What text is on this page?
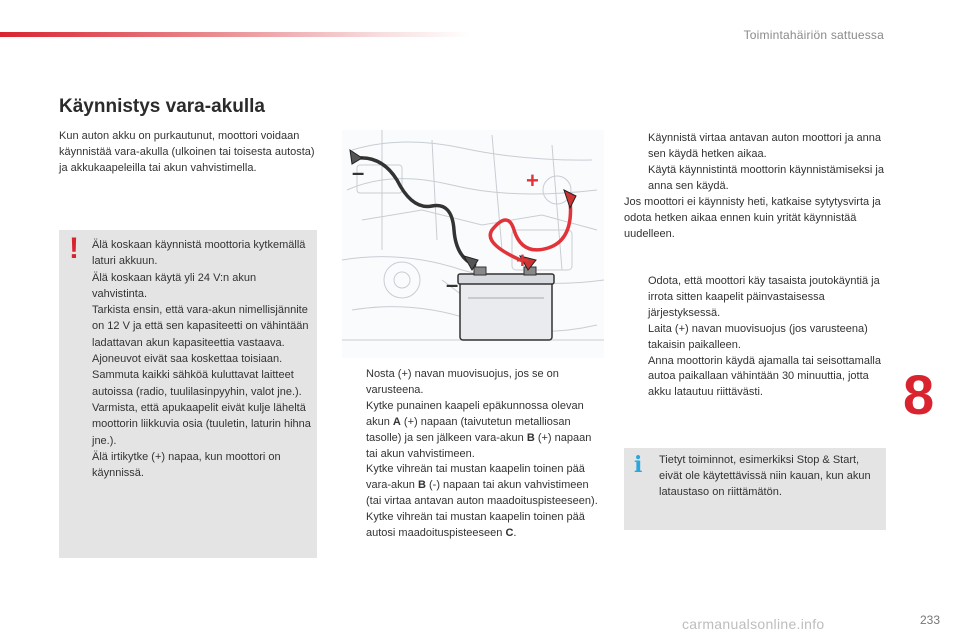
Toimintahäiriön sattuessa
Käynnistys vara-akulla
Kun auton akku on purkautunut, moottori voidaan käynnistää vara-akulla (ulkoinen tai toisesta autosta) ja akkukaapeleilla tai akun vahvistimella.
! Älä koskaan käynnistä moottoria kytkemällä laturi akkuun.

Älä koskaan käytä yli 24 V:n akun vahvistinta.

Tarkista ensin, että vara-akun nimellisjännite on 12 V ja että sen kapasiteetti on vähintään ladattavan akun kapasiteettia vastaava.

Ajoneuvot eivät saa koskettaa toisiaan.

Sammuta kaikki sähköä kuluttavat laitteet autoissa (radio, tuulilasinpyyhin, valot jne.).

Varmista, että apukaapelit eivät kulje läheltä moottorin liikkuvia osia (tuuletin, laturin hihna jne.).

Älä irtikytke (+) napaa, kun moottori on käynnissä.

+
–
+
–
Nosta (+) navan muovisuojus, jos se on varusteena.
Kytke punainen kaapeli epäkunnossa olevan akun A (+) napaan (taivutetun metalliosan tasolle) ja sen jälkeen vara-akun B (+) napaan tai akun vahvistimeen.
Kytke vihreän tai mustan kaapelin toinen pää vara-akun B (-) napaan tai akun vahvistimeen (tai virtaa antavan auton maadoituspisteeseen).
Kytke vihreän tai mustan kaapelin toinen pää autosi maadoituspisteeseen C.
Käynnistä virtaa antavan auton moottori ja anna sen käydä hetken aikaa.
Käytä käynnistintä moottorin käynnistämiseksi ja anna sen käydä.

Jos moottori ei käynnisty heti, katkaise sytytysvirta ja odota hetken aikaa ennen kuin yrität käynnistää uudelleen.

Odota, että moottori käy tasaista joutokäyntiä ja irrota sitten kaapelit päinvastaisessa järjestyksessä.
Laita (+) navan muovisuojus (jos varusteena) takaisin paikalleen.
Anna moottorin käydä ajamalla tai seisottamalla autoa paikallaan vähintään 30 minuuttia, jotta akku latautuu riittävästi.
i Tietyt toiminnot, esimerkiksi Stop & Start, eivät ole käytettävissä niin kauan, kun akun lataustaso on riittämätön.
8
carmanualsonline.info	233
